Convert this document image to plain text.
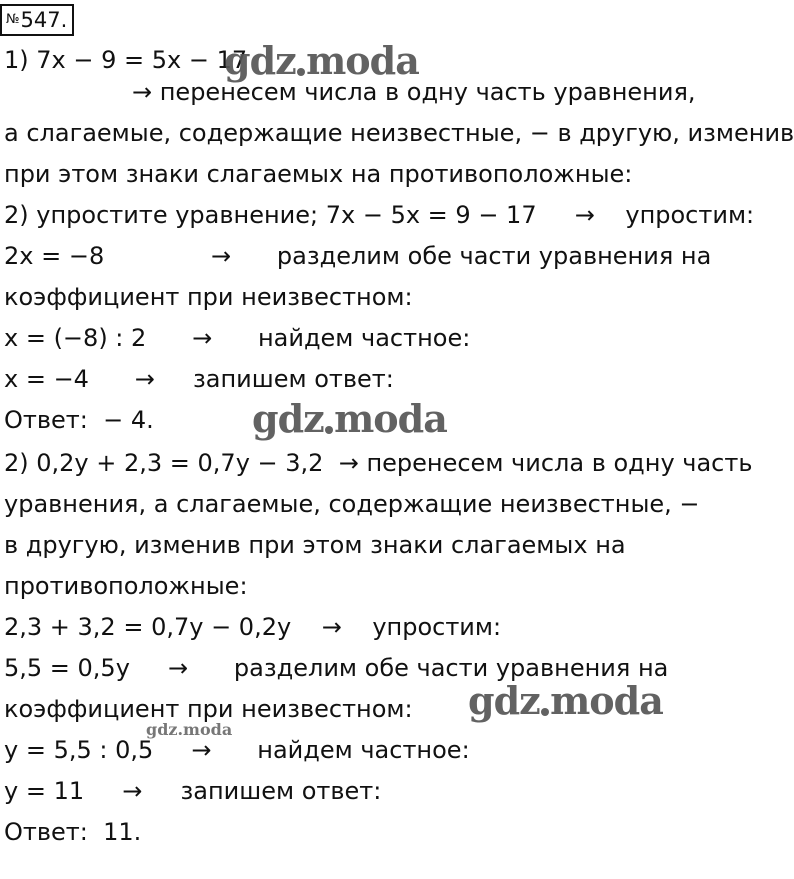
№547.
1) 7x − 9 = 5x − 17
→ перенесем числа в одну часть уравнения,
а слагаемые, содержащие неизвестные, − в другую, изменив
при этом знаки слагаемых на противоположные:
2) упростите уравнение; 7x − 5x = 9 − 17     →    упростим:
2x = −8              →      разделим обе части уравнения на
коэффициент при неизвестном:
x = (−8) : 2      →      найдем частное:
x = −4      →     запишем ответ:
Ответ:  − 4.
2) 0,2y + 2,3 = 0,7y − 3,2  → перенесем числа в одну часть
уравнения, а слагаемые, содержащие неизвестные, −
в другую, изменив при этом знаки слагаемых на
противоположные:
2,3 + 3,2 = 0,7y − 0,2y    →    упростим:
5,5 = 0,5y     →      разделим обе части уравнения на
коэффициент при неизвестном:
y = 5,5 : 0,5     →      найдем частное:
y = 11     →     запишем ответ:
Ответ:  11.
gdz moda
gdz moda
gdz moda
gdz.moda
